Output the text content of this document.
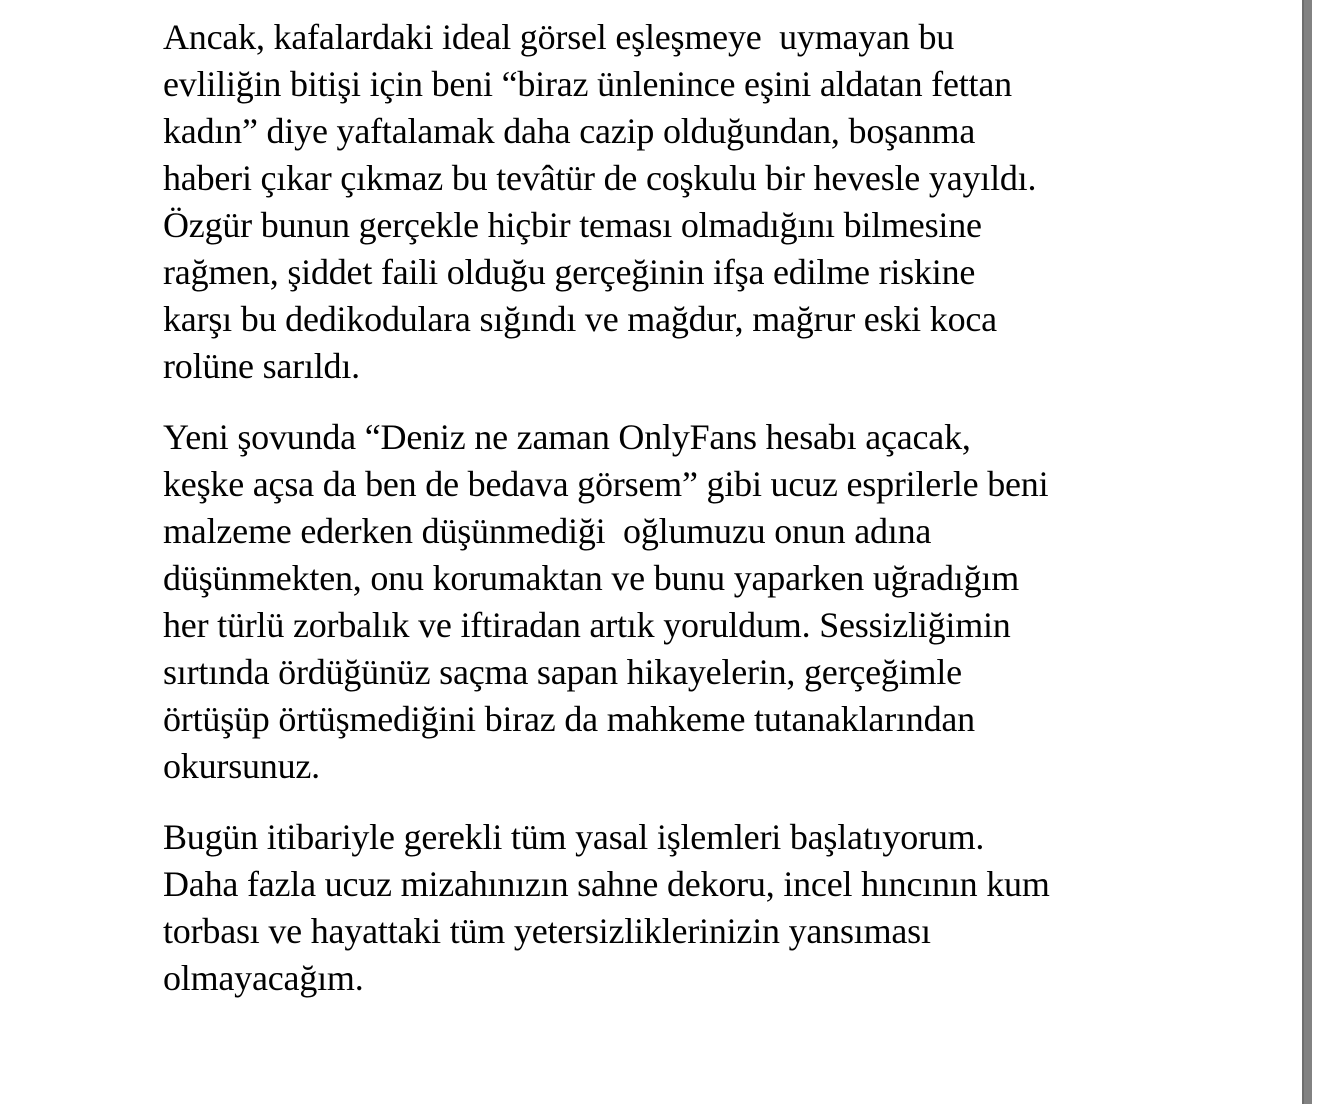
Ancak, kafalardaki ideal görsel eşleşmeye  uymayan bu
evliliğin bitişi için beni “biraz ünlenince eşini aldatan fettan
kadın” diye yaftalamak daha cazip olduğundan, boşanma
haberi çıkar çıkmaz bu tevâtür de coşkulu bir hevesle yayıldı.
Özgür bunun gerçekle hiçbir teması olmadığını bilmesine
rağmen, şiddet faili olduğu gerçeğinin ifşa edilme riskine
karşı bu dedikodulara sığındı ve mağdur, mağrur eski koca
rolüne sarıldı.
Yeni şovunda “Deniz ne zaman OnlyFans hesabı açacak,
keşke açsa da ben de bedava görsem” gibi ucuz esprilerle beni
malzeme ederken düşünmediği  oğlumuzu onun adına
düşünmekten, onu korumaktan ve bunu yaparken uğradığım
her türlü zorbalık ve iftiradan artık yoruldum. Sessizliğimin
sırtında ördüğünüz saçma sapan hikayelerin, gerçeğimle
örtüşüp örtüşmediğini biraz da mahkeme tutanaklarından
okursunuz.
Bugün itibariyle gerekli tüm yasal işlemleri başlatıyorum.
Daha fazla ucuz mizahınızın sahne dekoru, incel hıncının kum
torbası ve hayattaki tüm yetersizliklerinizin yansıması
olmayacağım.
